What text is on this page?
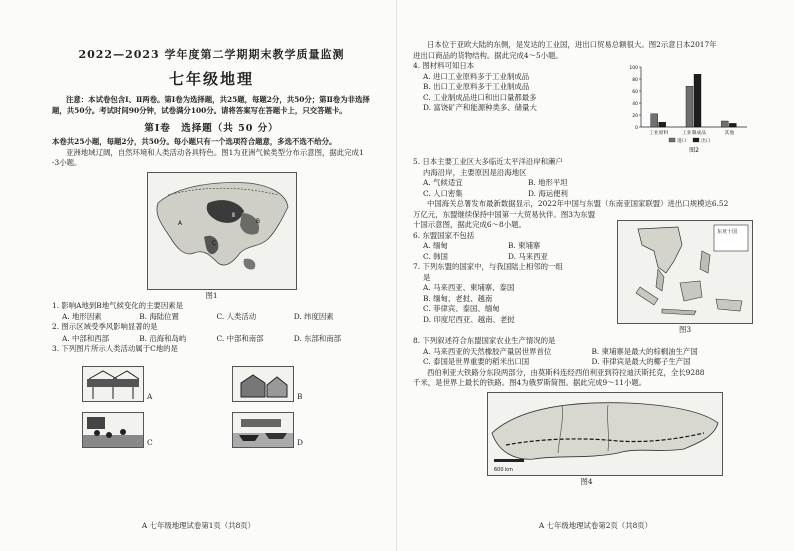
2022—2023 学年度第二学期期末教学质量监测
七年级地理
注意：本试卷包含Ⅰ、Ⅱ两卷。第Ⅰ卷为选择题，共25题，每题2分，共50分；第Ⅱ卷为非选择题，共50分。考试时间90分钟，试卷满分100分。请将答案写在答题卡上，只交答题卡。
第Ⅰ卷　选择题（共 50 分）
本卷共25小题，每题2分，共50分。每小题只有一个选项符合题意，多选不选不给分。
亚洲地域辽阔，自然环境和人类活动各具特色。图1为亚洲气候类型分布示意图，据此完成1
-3小题。
A	B
C
Ⅱ
图1
1. 影响A地到B地气候变化的主要因素是
A. 地形因素	B. 海陆位置	C. 人类活动	D. 纬度因素
2. 图示区域受季风影响显著的是
A. 中部和西部	B. 沿海和岛屿	C. 中部和南部	D. 东部和南部
3. 下列图片所示人类活动属于C地的是
A	B
C	D
A 七年级地理试卷第1页（共8页）
日本位于亚欧大陆的东侧，是发达的工业国，进出口贸易总额很大。图2示意日本2017年
进出口商品的货物结构。据此完成4～5小题。
4. 图材料可知日本
A. 进口工业原料多于工业制成品
B. 出口工业原料多于工业制成品
C. 工业制成品进口和出口量都最多
D. 富饶矿产和能源种类多、储量大
100
80
60
40
20
0
工业原料	工业制成品	其他
进口	出口
图2
5. 日本主要工业区大多临近太平洋沿岸和濑户
内海沿岸，主要原因是沿海地区
A. 气候适宜	B. 地形平坦
C. 人口密集	D. 海运便利
中国海关总署发布最新数据显示，2022年中国与东盟（东南亚国家联盟）进出口规模达6.52
万亿元，东盟继续保持中国第一大贸易伙伴。图3为东盟
十国示意图，据此完成6～8小题。
6. 东盟国家不包括
A. 缅甸	B. 柬埔寨
C. 韩国	D. 马来西亚
7. 下列东盟的国家中，与我国陆上相邻的一组
是
A. 马来西亚、柬埔寨、泰国
B. 缅甸、老挝、越南
C. 菲律宾、泰国、缅甸
D. 印度尼西亚、越南、老挝
东亚十国
图3
8. 下列叙述符合东盟国家农业生产情况的是
A. 马来西亚的天然橡胶产量居世界首位	B. 柬埔寨是最大的棕榈油生产国
C. 泰国是世界重要的稻米出口国	D. 菲律宾是最大的椰子生产国
西伯利亚大铁路分东段两部分，由莫斯科连经西伯利亚到符拉迪沃斯托克，全长9288
千米，是世界上最长的铁路。图4为俄罗斯简图。据此完成9～11小题。
600 km
图4
A 七年级地理试卷第2页（共8页）
